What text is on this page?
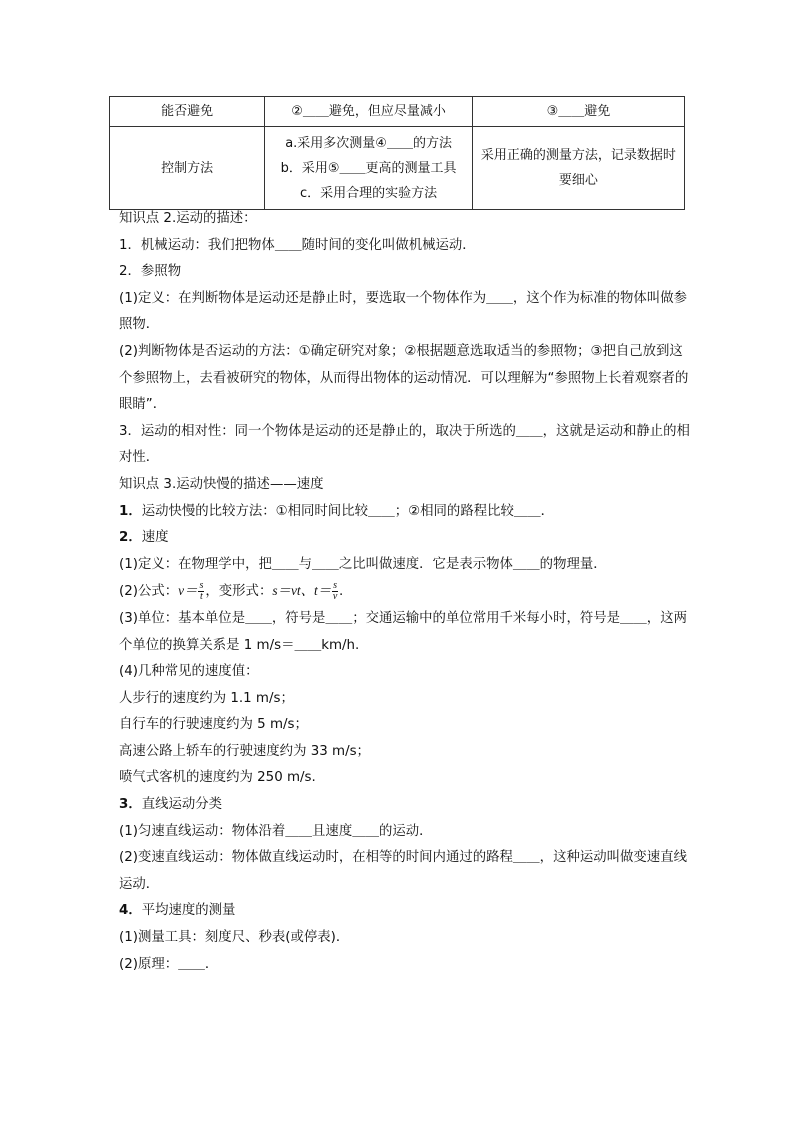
能否避免	②＿＿避免，但应尽量减小	③＿＿避免
控制方法	a.采用多次测量④＿＿的方法
b．采用⑤＿＿更高的测量工具
c．采用合理的实验方法	采用正确的测量方法，记录数据时要细心

知识点 2.运动的描述：

1．机械运动：我们把物体＿＿随时间的变化叫做机械运动．

2．参照物

(1)定义：在判断物体是运动还是静止时，要选取一个物体作为＿＿，这个作为标准的物体叫做参照物．

(2)判断物体是否运动的方法：①确定研究对象；②根据题意选取适当的参照物；③把自己放到这个参照物上，去看被研究的物体，从而得出物体的运动情况．可以理解为“参照物上长着观察者的眼睛”．

3．运动的相对性：同一个物体是运动的还是静止的，取决于所选的＿＿，这就是运动和静止的相对性．

知识点 3.运动快慢的描述——速度

1．运动快慢的比较方法：①相同时间比较＿＿；②相同的路程比较＿＿．

2．速度

(1)定义：在物理学中，把＿＿与＿＿之比叫做速度．它是表示物体＿＿的物理量．

(2)公式：$v= \frac{s}{t}$ ，变形式：s＝vt、$t= \frac{s}{v}$ .

(3)单位：基本单位是＿＿，符号是＿＿；交通运输中的单位常用千米每小时，符号是＿＿，这两个单位的换算关系是 1 m/s＝＿＿km/h.

(4)几种常见的速度值：

人步行的速度约为 1.1 m/s；

自行车的行驶速度约为 5 m/s；

高速公路上轿车的行驶速度约为 33 m/s；

喷气式客机的速度约为 250 m/s.

3．直线运动分类

(1)匀速直线运动：物体沿着＿＿且速度＿＿的运动．

(2)变速直线运动：物体做直线运动时，在相等的时间内通过的路程＿＿，这种运动叫做变速直线运动．

4．平均速度的测量

(1)测量工具：刻度尺、秒表(或停表)．

(2)原理：＿＿．
